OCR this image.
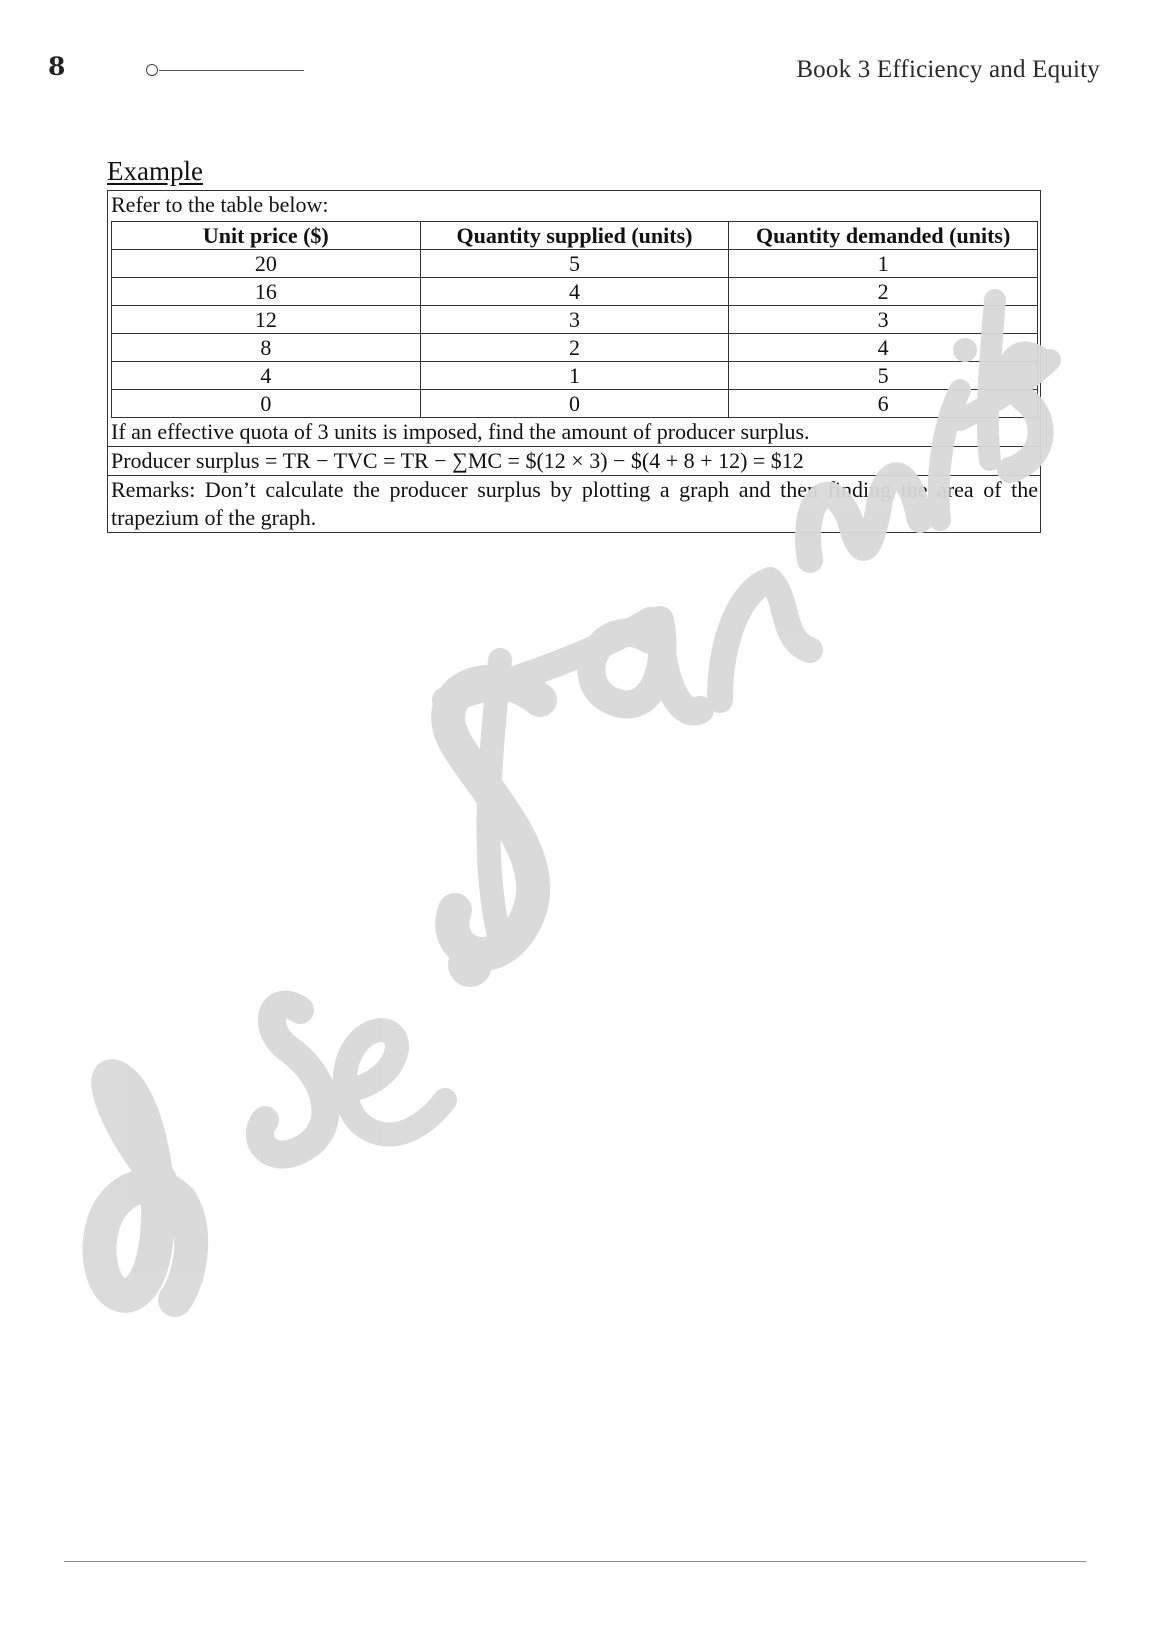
8	Book 3 Efficiency and Equity
Example
Refer to the table below:
Unit price ($)	Quantity supplied (units)	Quantity demanded (units)
20	5	1
16	4	2
12	3	3
8	2	4
4	1	5
0	0	6
If an effective quota of 3 units is imposed, find the amount of producer surplus.
Producer surplus = TR − TVC = TR − ∑MC = $(12 × 3) − $(4 + 8 + 12) = $12
Remarks: Don’t calculate the producer surplus by plotting a graph and then finding the area of the trapezium of the graph.
